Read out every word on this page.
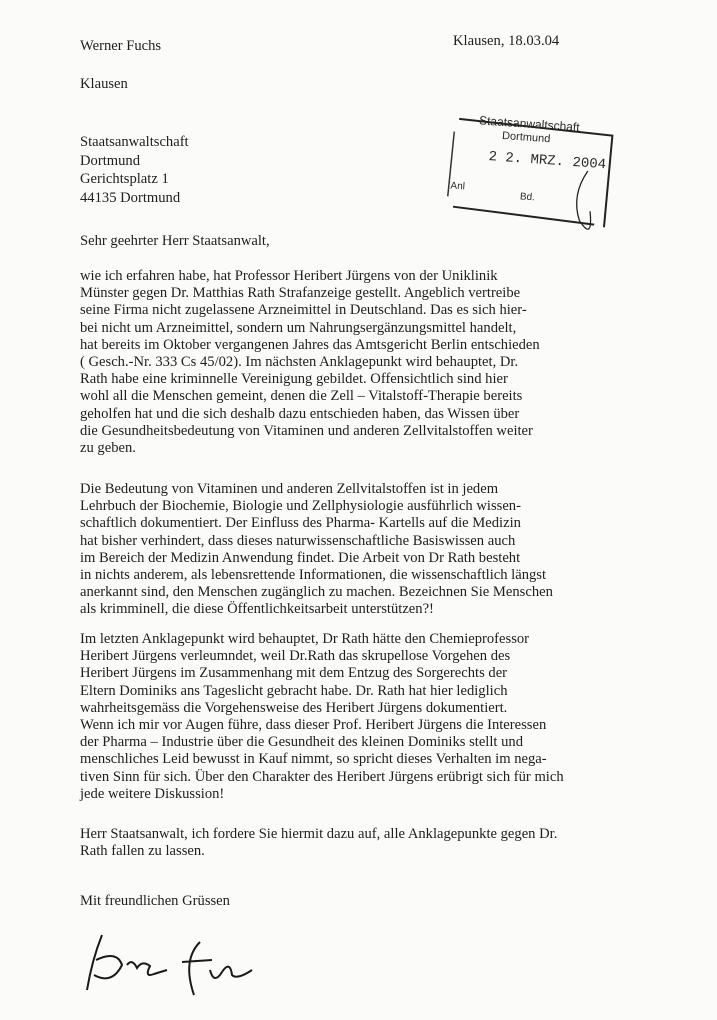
Werner Fuchs
Klausen
Klausen, 18.03.04
Staatsanwaltschaft
Dortmund
Gerichtsplatz 1
44135 Dortmund
Staatsanwaltschaft
Dortmund
2 2. MRZ. 2004
Anl
Bd.
Sehr geehrter Herr Staatsanwalt,
wie ich erfahren habe, hat Professor Heribert Jürgens von der Uniklinik
Münster gegen Dr. Matthias Rath Strafanzeige gestellt. Angeblich vertreibe
seine Firma nicht zugelassene Arzneimittel in Deutschland. Das es sich hier-
bei nicht um Arzneimittel, sondern um Nahrungsergänzungsmittel handelt,
hat bereits im Oktober vergangenen Jahres das Amtsgericht Berlin entschieden
( Gesch.-Nr. 333 Cs 45/02). Im nächsten Anklagepunkt wird behauptet, Dr.
Rath habe eine kriminnelle Vereinigung gebildet. Offensichtlich sind hier
wohl all die Menschen gemeint, denen die Zell – Vitalstoff-Therapie bereits
geholfen hat und die sich deshalb dazu entschieden haben, das Wissen über
die Gesundheitsbedeutung von Vitaminen und anderen Zellvitalstoffen weiter
zu geben.
Die Bedeutung von Vitaminen und anderen Zellvitalstoffen ist in jedem
Lehrbuch der Biochemie, Biologie und Zellphysiologie ausführlich wissen-
schaftlich dokumentiert. Der Einfluss des Pharma- Kartells auf die Medizin
hat bisher verhindert, dass dieses naturwissenschaftliche Basiswissen auch
im Bereich der Medizin Anwendung findet. Die Arbeit von Dr Rath besteht
in nichts anderem, als lebensrettende Informationen, die wissenschaftlich längst
anerkannt sind, den Menschen zugänglich zu machen. Bezeichnen Sie Menschen
als krimminell, die diese Öffentlichkeitsarbeit unterstützen?!
Im letzten Anklagepunkt wird behauptet, Dr Rath hätte den Chemieprofessor
Heribert Jürgens verleumndet, weil Dr.Rath das skrupellose Vorgehen des
Heribert Jürgens im Zusammenhang mit dem Entzug des Sorgerechts der
Eltern Dominiks ans Tageslicht gebracht habe. Dr. Rath hat hier lediglich
wahrheitsgemäss die Vorgehensweise des Heribert Jürgens dokumentiert.
Wenn ich mir vor Augen führe, dass dieser Prof. Heribert Jürgens die Interessen
der Pharma – Industrie über die Gesundheit des kleinen Dominiks stellt und
menschliches Leid bewusst in Kauf nimmt, so spricht dieses Verhalten im nega-
tiven Sinn für sich. Über den Charakter des Heribert Jürgens erübrigt sich für mich
jede weitere Diskussion!
Herr Staatsanwalt, ich fordere Sie hiermit dazu auf, alle Anklagepunkte gegen Dr.
Rath fallen zu lassen.
Mit freundlichen Grüssen
